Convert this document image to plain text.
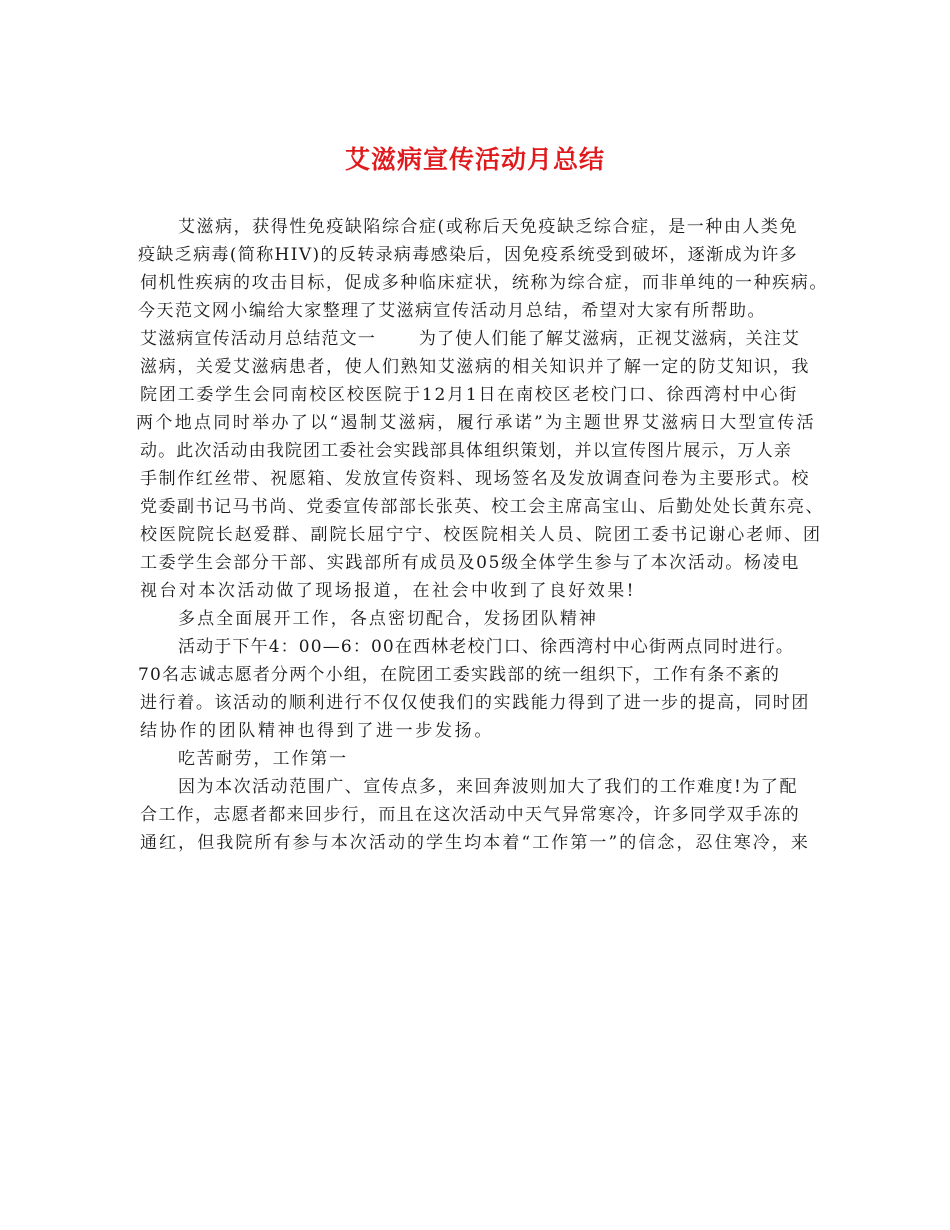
艾滋病宣传活动月总结
艾滋病，获得性免疫缺陷综合症(或称后天免疫缺乏综合症，是一种由人类免
疫缺乏病毒(简称HIV)的反转录病毒感染后，因免疫系统受到破坏，逐渐成为许多
伺机性疾病的攻击目标，促成多种临床症状，统称为综合症，而非单纯的一种疾病。
今天范文网小编给大家整理了艾滋病宣传活动月总结，希望对大家有所帮助。
艾滋病宣传活动月总结范文一　　 为了使人们能了解艾滋病，正视艾滋病，关注艾
滋病，关爱艾滋病患者，使人们熟知艾滋病的相关知识并了解一定的防艾知识，我
院团工委学生会同南校区校医院于12月1日在南校区老校门口、徐西湾村中心街
两个地点同时举办了以“遏制艾滋病，履行承诺”为主题世界艾滋病日大型宣传活
动。此次活动由我院团工委社会实践部具体组织策划，并以宣传图片展示，万人亲
手制作红丝带、祝愿箱、发放宣传资料、现场签名及发放调查问卷为主要形式。校
党委副书记马书尚、党委宣传部部长张英、校工会主席高宝山、后勤处处长黄东亮、
校医院院长赵爱群、副院长屈宁宁、校医院相关人员、院团工委书记谢心老师、团
工委学生会部分干部、实践部所有成员及05级全体学生参与了本次活动。杨凌电
视台对本次活动做了现场报道，在社会中收到了良好效果!
多点全面展开工作，各点密切配合，发扬团队精神
活动于下午4：00—6：00在西林老校门口、徐西湾村中心街两点同时进行。
70名志诚志愿者分两个小组，在院团工委实践部的统一组织下，工作有条不紊的
进行着。该活动的顺利进行不仅仅使我们的实践能力得到了进一步的提高，同时团
结协作的团队精神也得到了进一步发扬。
吃苦耐劳，工作第一
因为本次活动范围广、宣传点多，来回奔波则加大了我们的工作难度!为了配
合工作，志愿者都来回步行，而且在这次活动中天气异常寒冷，许多同学双手冻的
通红，但我院所有参与本次活动的学生均本着“工作第一”的信念，忍住寒冷，来
